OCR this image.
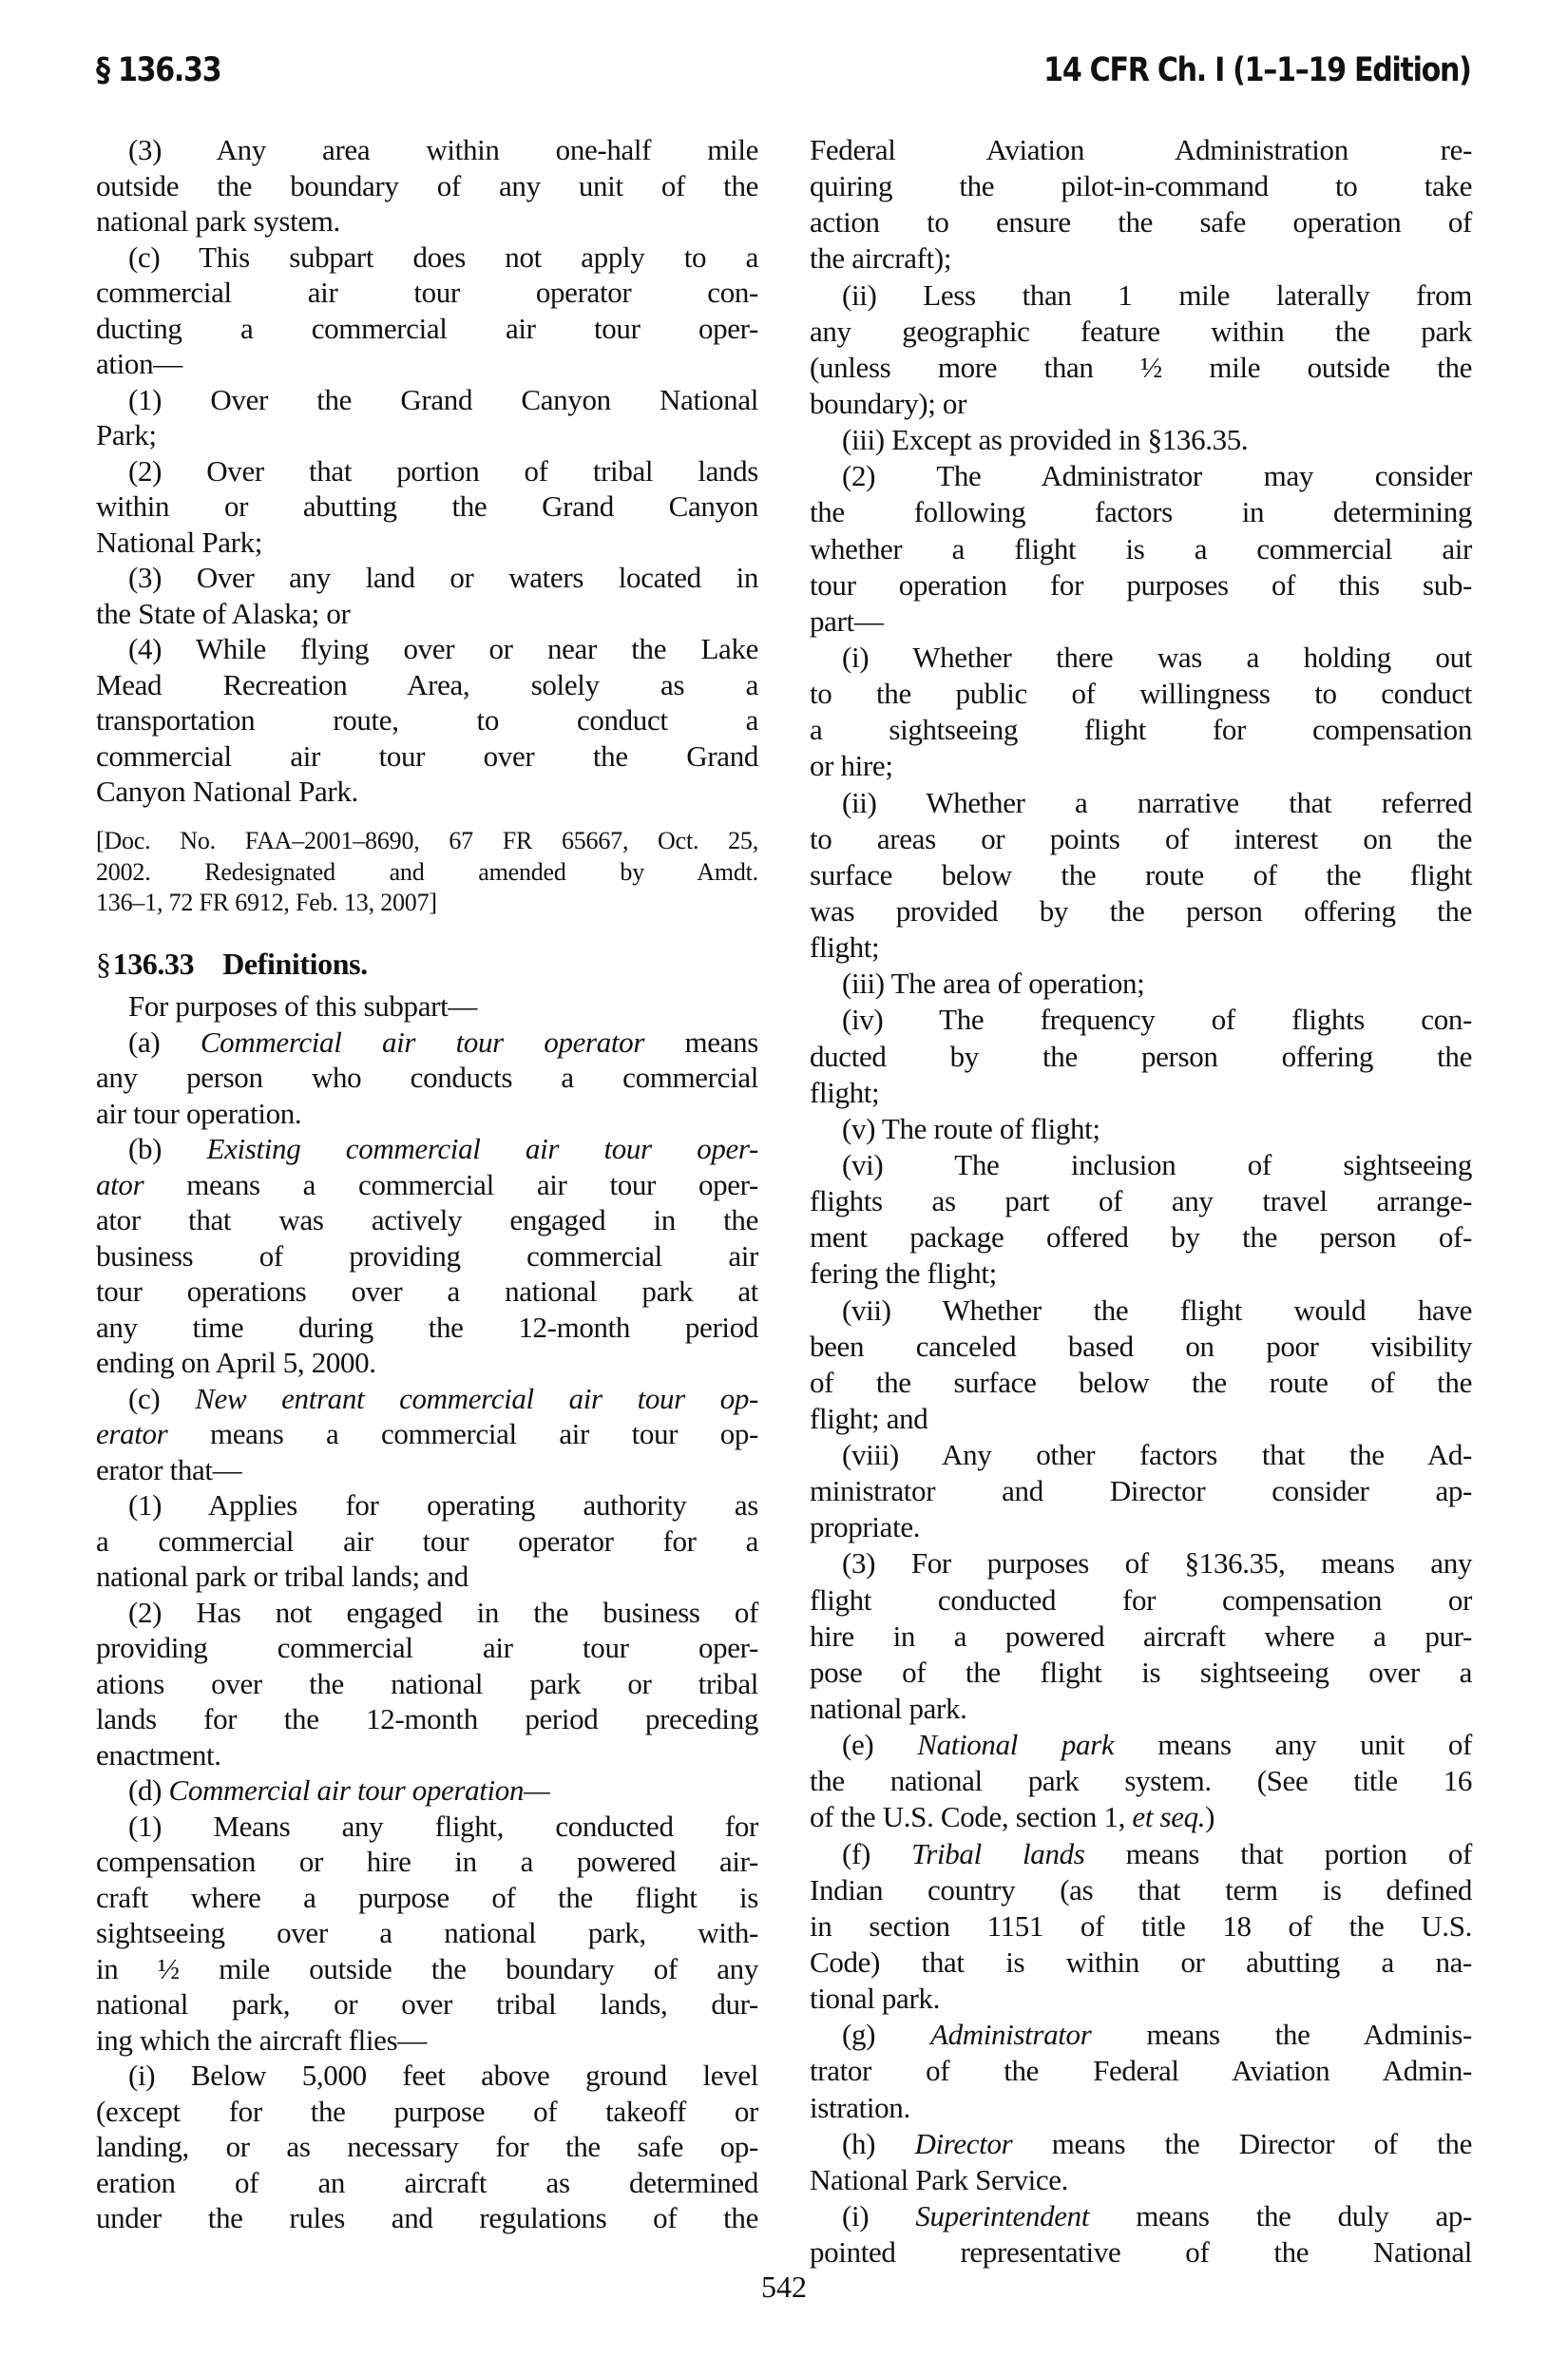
§ 136.33	14 CFR Ch. I (1–1–19 Edition)
(3) Any area within one-half mile
outside the boundary of any unit of the
national park system.
(c) This subpart does not apply to a
commercial air tour operator con-
ducting a commercial air tour oper-
ation—
(1) Over the Grand Canyon National
Park;
(2) Over that portion of tribal lands
within or abutting the Grand Canyon
National Park;
(3) Over any land or waters located in
the State of Alaska; or
(4) While flying over or near the Lake
Mead Recreation Area, solely as a
transportation route, to conduct a
commercial air tour over the Grand
Canyon National Park.
[Doc. No. FAA–2001–8690, 67 FR 65667, Oct. 25,
2002. Redesignated and amended by Amdt.
136–1, 72 FR 6912, Feb. 13, 2007]
§136.33 Definitions.
For purposes of this subpart—
(a) Commercial air tour operator means
any person who conducts a commercial
air tour operation.
(b) Existing commercial air tour oper-
ator means a commercial air tour oper-
ator that was actively engaged in the
business of providing commercial air
tour operations over a national park at
any time during the 12-month period
ending on April 5, 2000.
(c) New entrant commercial air tour op-
erator means a commercial air tour op-
erator that—
(1) Applies for operating authority as
a commercial air tour operator for a
national park or tribal lands; and
(2) Has not engaged in the business of
providing commercial air tour oper-
ations over the national park or tribal
lands for the 12-month period preceding
enactment.
(d) Commercial air tour operation—
(1) Means any flight, conducted for
compensation or hire in a powered air-
craft where a purpose of the flight is
sightseeing over a national park, with-
in ½ mile outside the boundary of any
national park, or over tribal lands, dur-
ing which the aircraft flies—
(i) Below 5,000 feet above ground level
(except for the purpose of takeoff or
landing, or as necessary for the safe op-
eration of an aircraft as determined
under the rules and regulations of the
Federal Aviation Administration re-
quiring the pilot-in-command to take
action to ensure the safe operation of
the aircraft);
(ii) Less than 1 mile laterally from
any geographic feature within the park
(unless more than ½ mile outside the
boundary); or
(iii) Except as provided in §136.35.
(2) The Administrator may consider
the following factors in determining
whether a flight is a commercial air
tour operation for purposes of this sub-
part—
(i) Whether there was a holding out
to the public of willingness to conduct
a sightseeing flight for compensation
or hire;
(ii) Whether a narrative that referred
to areas or points of interest on the
surface below the route of the flight
was provided by the person offering the
flight;
(iii) The area of operation;
(iv) The frequency of flights con-
ducted by the person offering the
flight;
(v) The route of flight;
(vi) The inclusion of sightseeing
flights as part of any travel arrange-
ment package offered by the person of-
fering the flight;
(vii) Whether the flight would have
been canceled based on poor visibility
of the surface below the route of the
flight; and
(viii) Any other factors that the Ad-
ministrator and Director consider ap-
propriate.
(3) For purposes of §136.35, means any
flight conducted for compensation or
hire in a powered aircraft where a pur-
pose of the flight is sightseeing over a
national park.
(e) National park means any unit of
the national park system. (See title 16
of the U.S. Code, section 1, et seq.)
(f) Tribal lands means that portion of
Indian country (as that term is defined
in section 1151 of title 18 of the U.S.
Code) that is within or abutting a na-
tional park.
(g) Administrator means the Adminis-
trator of the Federal Aviation Admin-
istration.
(h) Director means the Director of the
National Park Service.
(i) Superintendent means the duly ap-
pointed representative of the National
542
